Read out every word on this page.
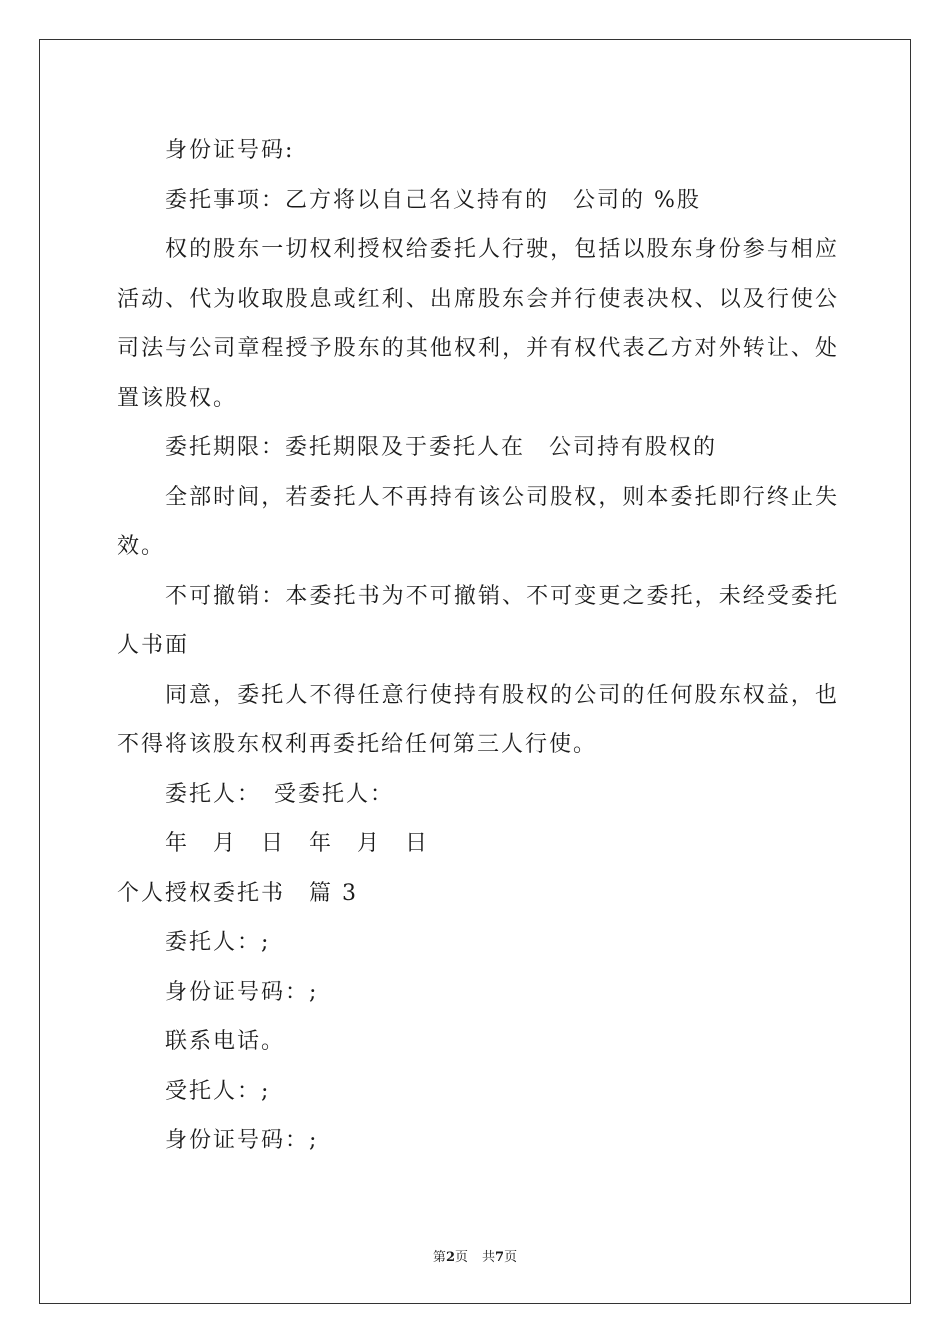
身份证号码:
委托事项：乙方将以自己名义持有的　公司的 %股
权的股东一切权利授权给委托人行驶，包括以股东身份参与相应
活动、代为收取股息或红利、出席股东会并行使表决权、以及行使公
司法与公司章程授予股东的其他权利，并有权代表乙方对外转让、处
置该股权。
委托期限：委托期限及于委托人在　公司持有股权的
全部时间，若委托人不再持有该公司股权，则本委托即行终止失
效。
不可撤销：本委托书为不可撤销、不可变更之委托，未经受委托
人书面
同意，委托人不得任意行使持有股权的公司的任何股东权益，也
不得将该股东权利再委托给任何第三人行使。
委托人：　受委托人：
年　月　日　年　月　日
个人授权委托书　篇 3
委托人：;
身份证号码：;
联系电话。
受托人：;
身份证号码：;
第2页 共7页
